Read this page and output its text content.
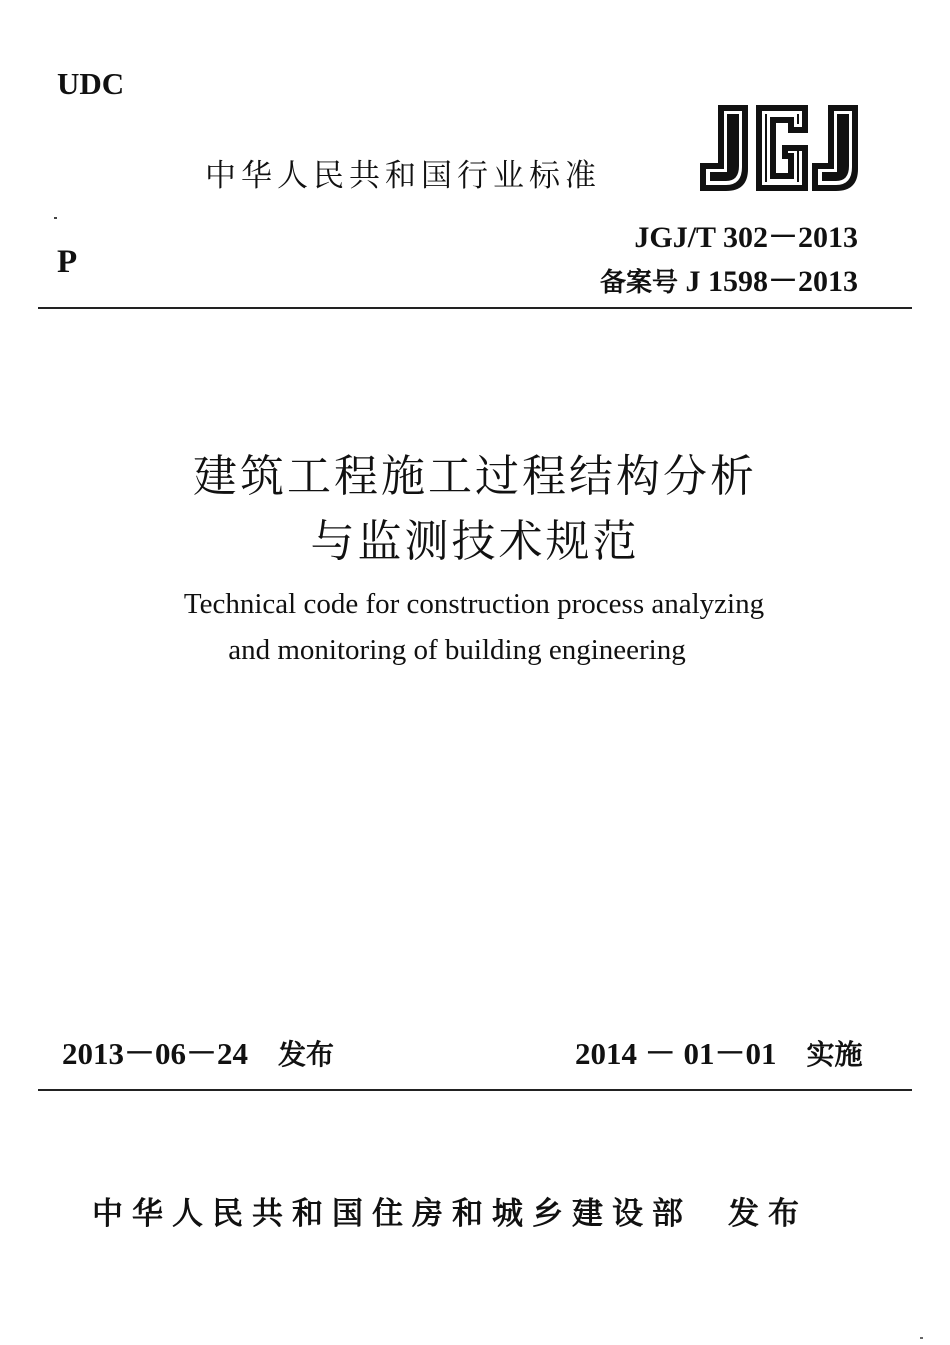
UDC
P
中华人民共和国行业标准
JGJ/T 302－2013
备案号 J 1598－2013
建筑工程施工过程结构分析
与监测技术规范
Technical code for construction process analyzing
and monitoring of building engineering
2013－06－24 发布	2014 － 01－01 实施
中华人民共和国住房和城乡建设部 发布
